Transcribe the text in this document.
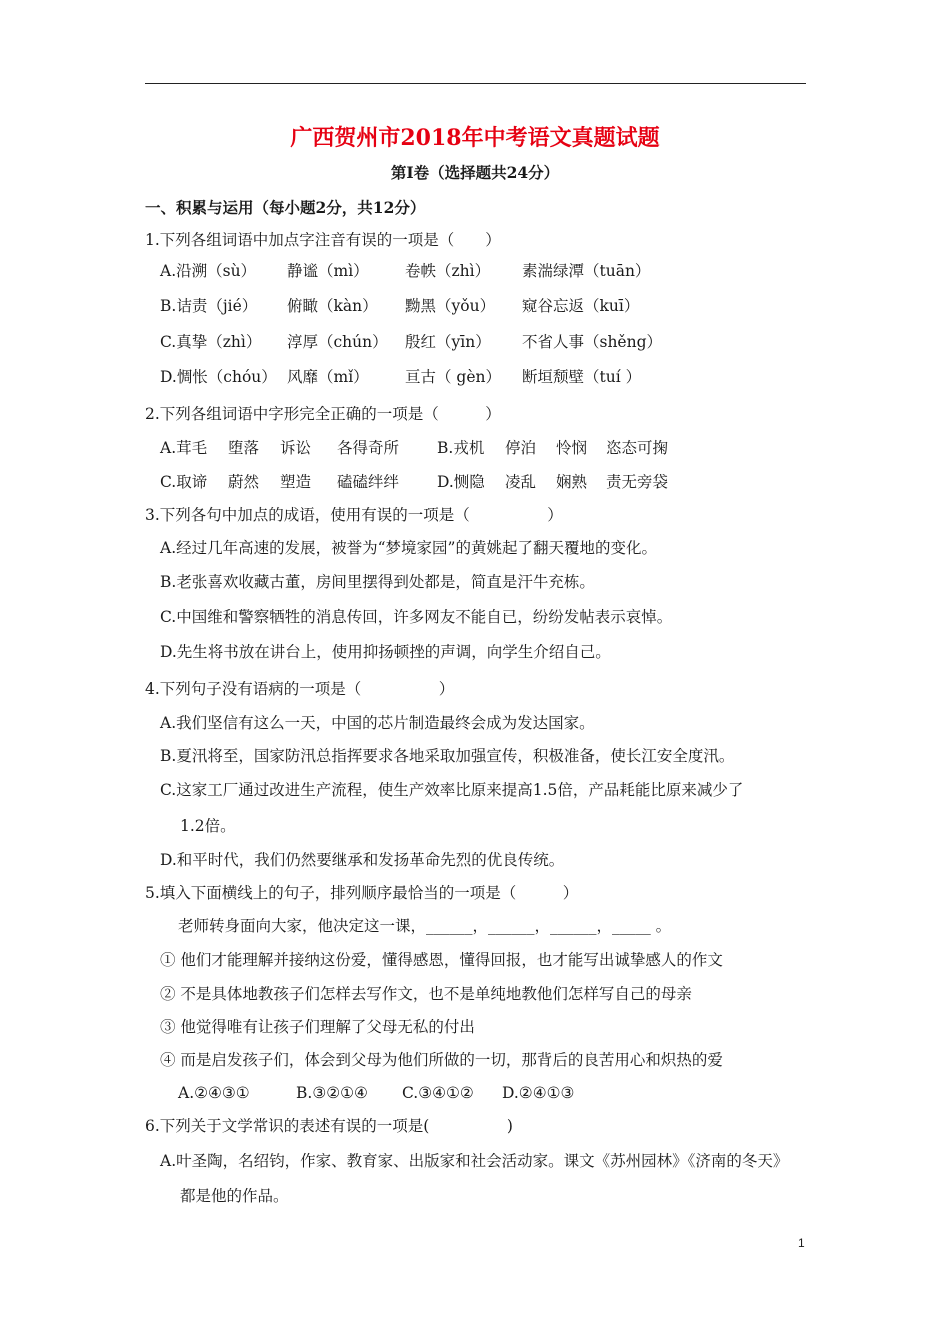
广西贺州市2018年中考语文真题试题
第Ⅰ卷（选择题共24分）
一、积累与运用（每小题2分，共12分）
1.下列各组词语中加点字注音有误的一项是（　　）
A.沿溯（sù） 静谧（mì） 卷帙（zhì） 素湍绿潭（tuān）
B.诘责（jié） 俯瞰（kàn） 黝黑（yǒu） 窥谷忘返（kuī）
C.真挚（zhì） 淳厚（chún） 殷红（yīn） 不省人事（shěng）
D.惆怅（chóu） 风靡（mǐ） 亘古（ gèn） 断垣颓壁（tuí ）
2.下列各组词语中字形完全正确的一项是（　　　）
A.茸毛 堕落 诉讼 各得奇所 B.戎机 停泊 怜悯 恣态可掬
C.取谛 蔚然 塑造 磕磕绊绊 D.恻隐 凌乱 娴熟 责无旁袋
3.下列各句中加点的成语，使用有误的一项是（　　　　　）
A.经过几年高速的发展，被誉为“梦境家园”的黄姚起了翻天覆地的变化。
B.老张喜欢收藏古董，房间里摆得到处都是，简直是汗牛充栋。
C.中国维和警察牺牲的消息传回，许多网友不能自已，纷纷发帖表示哀悼。
D.先生将书放在讲台上，使用抑扬顿挫的声调，向学生介绍自己。
4.下列句子没有语病的一项是（　　　　　）
A.我们坚信有这么一天，中国的芯片制造最终会成为发达国家。
B.夏汛将至，国家防汛总指挥要求各地采取加强宣传，积极准备，使长江安全度汛。
C.这家工厂通过改进生产流程，使生产效率比原来提高1.5倍，产品耗能比原来减少了
1.2倍。
D.和平时代，我们仍然要继承和发扬革命先烈的优良传统。
5.填入下面横线上的句子，排列顺序最恰当的一项是（　　　）
老师转身面向大家，他决定这一课，______，______，______，_____ 。
① 他们才能理解并接纳这份爱，懂得感恩，懂得回报，也才能写出诚挚感人的作文
② 不是具体地教孩子们怎样去写作文，也不是单纯地教他们怎样写自己的母亲
③ 他觉得唯有让孩子们理解了父母无私的付出
④ 而是启发孩子们，体会到父母为他们所做的一切，那背后的良苦用心和炽热的爱
A.②④③①	B.③②①④ C.③④①② D.②④①③
6.下列关于文学常识的表述有误的一项是(　　　　　)
A.叶圣陶，名绍钧，作家、教育家、出版家和社会活动家。课文《苏州园林》《济南的冬天》
都是他的作品。
1
